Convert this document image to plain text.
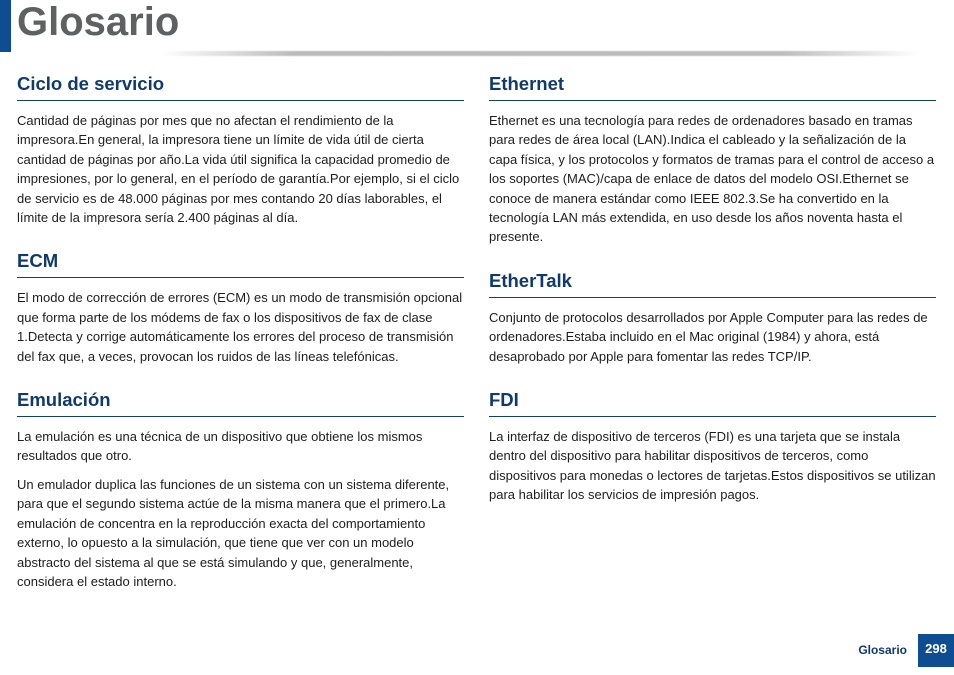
Glosario
Ciclo de servicio

Cantidad de páginas por mes que no afectan el rendimiento de la impresora.En general, la impresora tiene un límite de vida útil de cierta cantidad de páginas por año.La vida útil significa la capacidad promedio de impresiones, por lo general, en el período de garantía.Por ejemplo, si el ciclo de servicio es de 48.000 páginas por mes contando 20 días laborables, el límite de la impresora sería 2.400 páginas al día.

ECM

El modo de corrección de errores (ECM) es un modo de transmisión opcional que forma parte de los módems de fax o los dispositivos de fax de clase 1.Detecta y corrige automáticamente los errores del proceso de transmisión del fax que, a veces, provocan los ruidos de las líneas telefónicas.

Emulación

La emulación es una técnica de un dispositivo que obtiene los mismos resultados que otro.

Un emulador duplica las funciones de un sistema con un sistema diferente, para que el segundo sistema actúe de la misma manera que el primero.La emulación de concentra en la reproducción exacta del comportamiento externo, lo opuesto a la simulación, que tiene que ver con un modelo abstracto del sistema al que se está simulando y que, generalmente, considera el estado interno.

Ethernet

Ethernet es una tecnología para redes de ordenadores basado en tramas para redes de área local (LAN).Indica el cableado y la señalización de la capa física, y los protocolos y formatos de tramas para el control de acceso a los soportes (MAC)/capa de enlace de datos del modelo OSI.Ethernet se conoce de manera estándar como IEEE 802.3.Se ha convertido en la tecnología LAN más extendida, en uso desde los años noventa hasta el presente.

EtherTalk

Conjunto de protocolos desarrollados por Apple Computer para las redes de ordenadores.Estaba incluido en el Mac original (1984) y ahora, está desaprobado por Apple para fomentar las redes TCP/IP.

FDI

La interfaz de dispositivo de terceros (FDI) es una tarjeta que se instala dentro del dispositivo para habilitar dispositivos de terceros, como dispositivos para monedas o lectores de tarjetas.Estos dispositivos se utilizan para habilitar los servicios de impresión pagos.

Glosario	298
